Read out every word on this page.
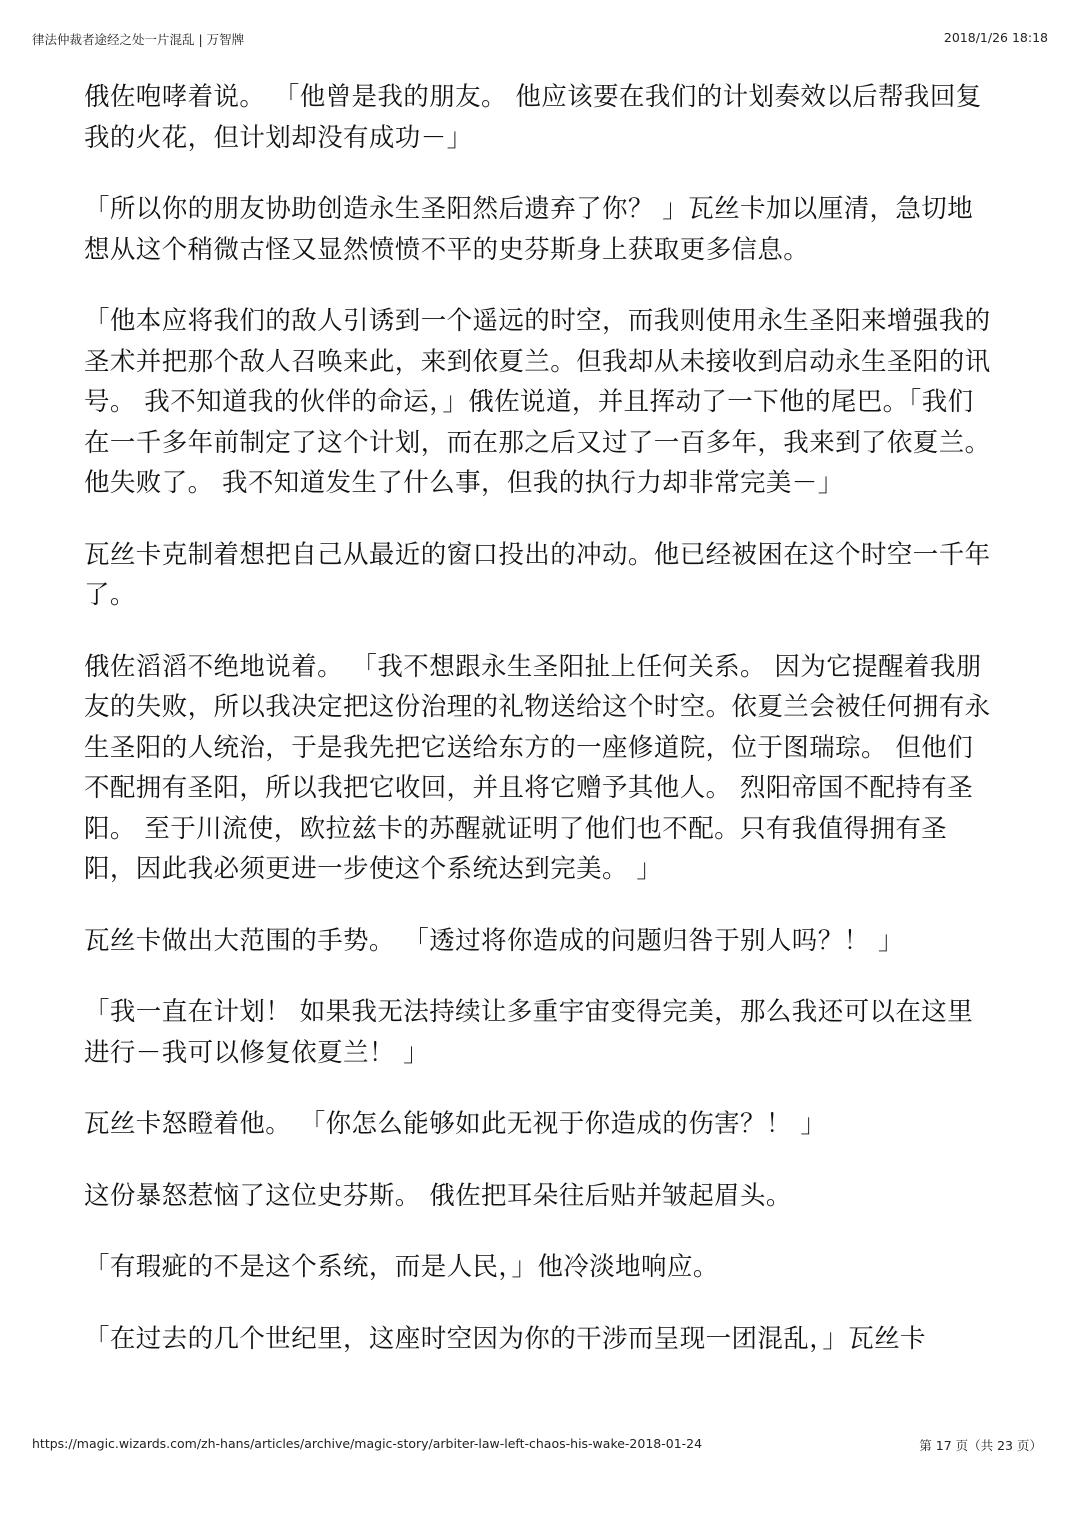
律法仲裁者途经之处一片混乱 | 万智牌	2018/1/26 18:18

俄佐咆哮着说。 「他曾是我的朋友。 他应该要在我们的计划奏效以后帮我回复我的火花，但计划却没有成功－」

「所以你的朋友协助创造永生圣阳然后遗弃了你？ 」瓦丝卡加以厘清，急切地想从这个稍微古怪又显然愤愤不平的史芬斯身上获取更多信息。

「他本应将我们的敌人引诱到一个遥远的时空，而我则使用永生圣阳来增强我的圣术并把那个敌人召唤来此，来到依夏兰。但我却从未接收到启动永生圣阳的讯号。 我不知道我的伙伴的命运，」俄佐说道，并且挥动了一下他的尾巴。「我们在一千多年前制定了这个计划，而在那之后又过了一百多年，我来到了依夏兰。他失败了。 我不知道发生了什么事，但我的执行力却非常完美－」

瓦丝卡克制着想把自己从最近的窗口投出的冲动。他已经被困在这个时空一千年了。

俄佐滔滔不绝地说着。 「我不想跟永生圣阳扯上任何关系。 因为它提醒着我朋友的失败，所以我决定把这份治理的礼物送给这个时空。依夏兰会被任何拥有永生圣阳的人统治，于是我先把它送给东方的一座修道院，位于图瑞琮。 但他们不配拥有圣阳，所以我把它收回，并且将它赠予其他人。 烈阳帝国不配持有圣阳。 至于川流使，欧拉兹卡的苏醒就证明了他们也不配。只有我值得拥有圣阳，因此我必须更进一步使这个系统达到完美。 」

瓦丝卡做出大范围的手势。 「透过将你造成的问题归咎于别人吗？！ 」

「我一直在计划！ 如果我无法持续让多重宇宙变得完美，那么我还可以在这里进行－我可以修复依夏兰！ 」

瓦丝卡怒瞪着他。 「你怎么能够如此无视于你造成的伤害？！ 」

这份暴怒惹恼了这位史芬斯。 俄佐把耳朵往后贴并皱起眉头。

「有瑕疵的不是这个系统，而是人民，」他冷淡地响应。

「在过去的几个世纪里，这座时空因为你的干涉而呈现一团混乱，」瓦丝卡

https://magic.wizards.com/zh-hans/articles/archive/magic-story/arbiter-law-left-chaos-his-wake-2018-01-24	第 17 页（共 23 页）
